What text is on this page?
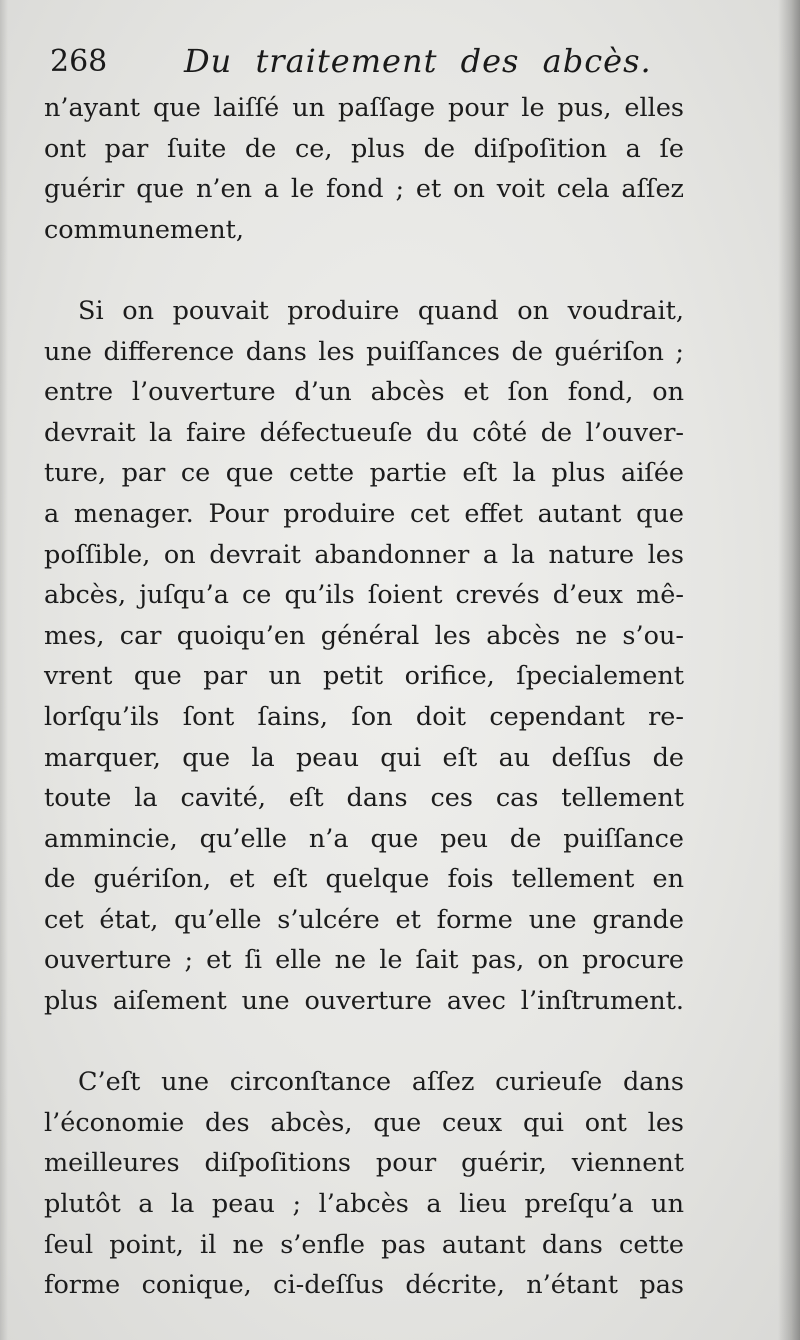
268 Du traitement des abcès.
n’ayant que laiſſé un paſſage pour le pus, elles
ont par ſuite de ce, plus de diſpoſition a ſe
guérir que n’en a le fond ; et on voit cela aſſez
communement,
Si on pouvait produire quand on voudrait,
une difference dans les puiſſances de guériſon ;
entre l’ouverture d’un abcès et ſon fond, on
devrait la faire défectueuſe du côté de l’ouver-
ture, par ce que cette partie eſt la plus aiſée
a menager. Pour produire cet effet autant que
poſſible, on devrait abandonner a la nature les
abcès, juſqu’a ce qu’ils ſoient crevés d’eux mê-
mes, car quoiqu’en général les abcès ne s’ou-
vrent que par un petit orifice, ſpecialement
lorſqu’ils ſont ſains, ſon doit cependant re-
marquer, que la peau qui eſt au deſſus de
toute la cavité, eſt dans ces cas tellement
ammincie, qu’elle n’a que peu de puiſſance
de guériſon, et eſt quelque fois tellement en
cet état, qu’elle s’ulcére et forme une grande
ouverture ; et ſi elle ne le ſait pas, on procure
plus aiſement une ouverture avec l’inſtrument.
C’eſt une circonſtance aſſez curieuſe dans
l’économie des abcès, que ceux qui ont les
meilleures diſpoſitions pour guérir, viennent
plutôt a la peau ; l’abcès a lieu preſqu’a un
ſeul point, il ne s’enfle pas autant dans cette
forme conique, ci-deſſus décrite, n’étant pas
